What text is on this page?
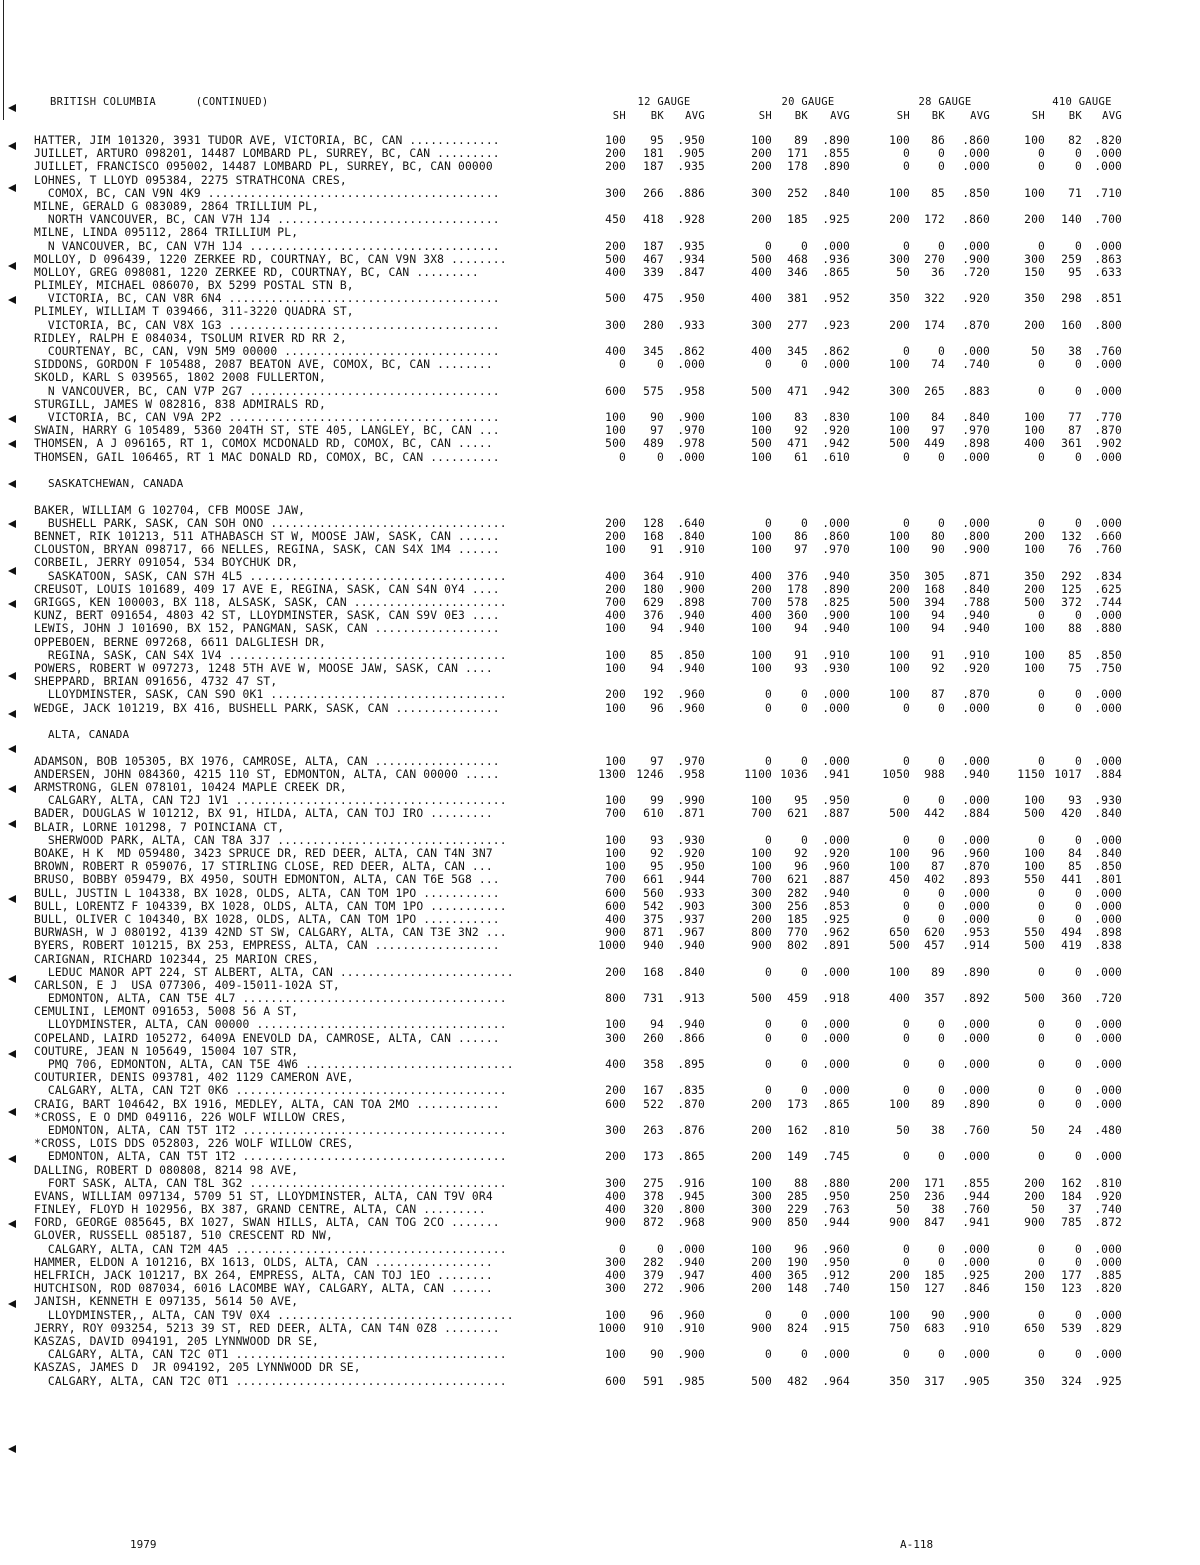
BRITISH COLUMBIA	(CONTINUED)	12 GAUGE	20 GAUGE	28 GAUGE	410 GAUGE
SH	BK	AVG	SH	BK	AVG	SH	BK	AVG	SH	BK	AVG
HATTER, JIM 101320, 3931 TUDOR AVE, VICTORIA, BC, CAN .............	100	95	.950	100	89	.890	100	86	.860	100	82	.820
JUILLET, ARTURO 098201, 14487 LOMBARD PL, SURREY, BC, CAN .........	200	181	.905	200	171	.855	0	0	.000	0	0	.000
JUILLET, FRANCISCO 095002, 14487 LOMBARD PL, SURREY, BC, CAN 00000	200	187	.935	200	178	.890	0	0	.000	0	0	.000
LOHNES, T LLOYD 095384, 2275 STRATHCONA CRES,
COMOX, BC, CAN V9N 4K9 ..........................................	300	266	.886	300	252	.840	100	85	.850	100	71	.710
MILNE, GERALD G 083089, 2864 TRILLIUM PL,
NORTH VANCOUVER, BC, CAN V7H 1J4 ................................	450	418	.928	200	185	.925	200	172	.860	200	140	.700
MILNE, LINDA 095112, 2864 TRILLIUM PL,
N VANCOUVER, BC, CAN V7H 1J4 ....................................	200	187	.935	0	0	.000	0	0	.000	0	0	.000
MOLLOY, D 096439, 1220 ZERKEE RD, COURTNAY, BC, CAN V9N 3X8 ........	500	467	.934	500	468	.936	300	270	.900	300	259	.863
MOLLOY, GREG 098081, 1220 ZERKEE RD, COURTNAY, BC, CAN .........	400	339	.847	400	346	.865	50	36	.720	150	95	.633
PLIMLEY, MICHAEL 086070, BX 5299 POSTAL STN B,
VICTORIA, BC, CAN V8R 6N4 .......................................	500	475	.950	400	381	.952	350	322	.920	350	298	.851
PLIMLEY, WILLIAM T 039466, 311-3220 QUADRA ST,
VICTORIA, BC, CAN V8X 1G3 .......................................	300	280	.933	300	277	.923	200	174	.870	200	160	.800
RIDLEY, RALPH E 084034, TSOLUM RIVER RD RR 2,
COURTENAY, BC, CAN, V9N 5M9 00000 ...............................	400	345	.862	400	345	.862	0	0	.000	50	38	.760
SIDDONS, GORDON F 105488, 2087 BEATON AVE, COMOX, BC, CAN ........	0	0	.000	0	0	.000	100	74	.740	0	0	.000
SKOLD, KARL S 039565, 1802 2008 FULLERTON,
N VANCOUVER, BC, CAN V7P 2G7 ....................................	600	575	.958	500	471	.942	300	265	.883	0	0	.000
STURGILL, JAMES W 082816, 838 ADMIRALS RD,
VICTORIA, BC, CAN V9A 2P2 .......................................	100	90	.900	100	83	.830	100	84	.840	100	77	.770
SWAIN, HARRY G 105489, 5360 204TH ST, STE 405, LANGLEY, BC, CAN ...	100	97	.970	100	92	.920	100	97	.970	100	87	.870
THOMSEN, A J 096165, RT 1, COMOX MCDONALD RD, COMOX, BC, CAN .....	500	489	.978	500	471	.942	500	449	.898	400	361	.902
THOMSEN, GAIL 106465, RT 1 MAC DONALD RD, COMOX, BC, CAN ..........	0	0	.000	100	61	.610	0	0	.000	0	0	.000
SASKATCHEWAN, CANADA
BAKER, WILLIAM G 102704, CFB MOOSE JAW,
BUSHELL PARK, SASK, CAN SOH ONO ..................................	200	128	.640	0	0	.000	0	0	.000	0	0	.000
BENNET, RIK 101213, 511 ATHABASCH ST W, MOOSE JAW, SASK, CAN ......	200	168	.840	100	86	.860	100	80	.800	200	132	.660
CLOUSTON, BRYAN 098717, 66 NELLES, REGINA, SASK, CAN S4X 1M4 ......	100	91	.910	100	97	.970	100	90	.900	100	76	.760
CORBEIL, JERRY 091054, 534 BOYCHUK DR,
SASKATOON, SASK, CAN S7H 4L5 .....................................	400	364	.910	400	376	.940	350	305	.871	350	292	.834
CREUSOT, LOUIS 101689, 409 17 AVE E, REGINA, SASK, CAN S4N 0Y4 ....	200	180	.900	200	178	.890	200	168	.840	200	125	.625
GRIGGS, KEN 100003, BX 118, ALSASK, SASK, CAN ......................	700	629	.898	700	578	.825	500	394	.788	500	372	.744
KUNZ, BERT 091654, 4803 42 ST, LLOYDMINSTER, SASK, CAN S9V 0E3 ....	400	376	.940	400	360	.900	100	94	.940	0	0	.000
LEWIS, JOHN J 101690, BX 152, PANGMAN, SASK, CAN ..................	100	94	.940	100	94	.940	100	94	.940	100	88	.880
OPPEBOEN, BERNE 097268, 6611 DALGLIESH DR,
REGINA, SASK, CAN S4X 1V4 ........................................	100	85	.850	100	91	.910	100	91	.910	100	85	.850
POWERS, ROBERT W 097273, 1248 5TH AVE W, MOOSE JAW, SASK, CAN ....	100	94	.940	100	93	.930	100	92	.920	100	75	.750
SHEPPARD, BRIAN 091656, 4732 47 ST,
LLOYDMINSTER, SASK, CAN S9O 0K1 ..................................	200	192	.960	0	0	.000	100	87	.870	0	0	.000
WEDGE, JACK 101219, BX 416, BUSHELL PARK, SASK, CAN ...............	100	96	.960	0	0	.000	0	0	.000	0	0	.000
ALTA, CANADA
ADAMSON, BOB 105305, BX 1976, CAMROSE, ALTA, CAN ..................	100	97	.970	0	0	.000	0	0	.000	0	0	.000
ANDERSEN, JOHN 084360, 4215 110 ST, EDMONTON, ALTA, CAN 00000 .....	1300 1246	.958	1100 1036	.941	1050	988	.940	1150 1017	.884
ARMSTRONG, GLEN 078101, 10424 MAPLE CREEK DR,
CALGARY, ALTA, CAN T2J 1V1 .......................................	100	99	.990	100	95	.950	0	0	.000	100	93	.930
BADER, DOUGLAS W 101212, BX 91, HILDA, ALTA, CAN TOJ IRO .........	700	610	.871	700	621	.887	500	442	.884	500	420	.840
BLAIR, LORNE 101298, 7 POINCIANA CT,
SHERWOOD PARK, ALTA, CAN T8A 3J7 .................................	100	93	.930	0	0	.000	0	0	.000	0	0	.000
BOAKE, H K  MD 059480, 3423 SPRUCE DR, RED DEER, ALTA, CAN T4N 3N7	100	92	.920	100	92	.920	100	96	.960	100	84	.840
BROWN, ROBERT R 059076, 17 STIRLING CLOSE, RED DEER, ALTA, CAN ...	100	95	.950	100	96	.960	100	87	.870	100	85	.850
BRUSO, BOBBY 059479, BX 4950, SOUTH EDMONTON, ALTA, CAN T6E 5G8 ...	700	661	.944	700	621	.887	450	402	.893	550	441	.801
BULL, JUSTIN L 104338, BX 1028, OLDS, ALTA, CAN TOM 1PO ...........	600	560	.933	300	282	.940	0	0	.000	0	0	.000
BULL, LORENTZ F 104339, BX 1028, OLDS, ALTA, CAN TOM 1PO ...........	600	542	.903	300	256	.853	0	0	.000	0	0	.000
BULL, OLIVER C 104340, BX 1028, OLDS, ALTA, CAN TOM 1PO ...........	400	375	.937	200	185	.925	0	0	.000	0	0	.000
BURWASH, W J 080192, 4139 42ND ST SW, CALGARY, ALTA, CAN T3E 3N2 ...	900	871	.967	800	770	.962	650	620	.953	550	494	.898
BYERS, ROBERT 101215, BX 253, EMPRESS, ALTA, CAN ..................	1000	940	.940	900	802	.891	500	457	.914	500	419	.838
CARIGNAN, RICHARD 102344, 25 MARION CRES,
LEDUC MANOR APT 224, ST ALBERT, ALTA, CAN .........................	200	168	.840	0	0	.000	100	89	.890	0	0	.000
CARLSON, E J  USA 077306, 409-15011-102A ST,
EDMONTON, ALTA, CAN T5E 4L7 ......................................	800	731	.913	500	459	.918	400	357	.892	500	360	.720
CEMULINI, LEMONT 091653, 5008 56 A ST,
LLOYDMINSTER, ALTA, CAN 00000 ....................................	100	94	.940	0	0	.000	0	0	.000	0	0	.000
COPELAND, LAIRD 105272, 6409A ENEVOLD DA, CAMROSE, ALTA, CAN ......	300	260	.866	0	0	.000	0	0	.000	0	0	.000
COUTURE, JEAN N 105649, 15004 107 STR,
PMQ 706, EDMONTON, ALTA, CAN T5E 4W6 ..............................	400	358	.895	0	0	.000	0	0	.000	0	0	.000
COUTURIER, DENIS 093781, 402 1129 CAMERON AVE,
CALGARY, ALTA, CAN T2T 0K6 .......................................	200	167	.835	0	0	.000	0	0	.000	0	0	.000
CRAIG, BART 104642, BX 1916, MEDLEY, ALTA, CAN TOA 2MO ............	600	522	.870	200	173	.865	100	89	.890	0	0	.000
*CROSS, E O DMD 049116, 226 WOLF WILLOW CRES,
EDMONTON, ALTA, CAN T5T 1T2 ......................................	300	263	.876	200	162	.810	50	38	.760	50	24	.480
*CROSS, LOIS DDS 052803, 226 WOLF WILLOW CRES,
EDMONTON, ALTA, CAN T5T 1T2 ......................................	200	173	.865	200	149	.745	0	0	.000	0	0	.000
DALLING, ROBERT D 080808, 8214 98 AVE,
FORT SASK, ALTA, CAN T8L 3G2 .....................................	300	275	.916	100	88	.880	200	171	.855	200	162	.810
EVANS, WILLIAM 097134, 5709 51 ST, LLOYDMINSTER, ALTA, CAN T9V 0R4	400	378	.945	300	285	.950	250	236	.944	200	184	.920
FINLEY, FLOYD H 102956, BX 387, GRAND CENTRE, ALTA, CAN .........	400	320	.800	300	229	.763	50	38	.760	50	37	.740
FORD, GEORGE 085645, BX 1027, SWAN HILLS, ALTA, CAN TOG 2CO .......	900	872	.968	900	850	.944	900	847	.941	900	785	.872
GLOVER, RUSSELL 085187, 510 CRESCENT RD NW,
CALGARY, ALTA, CAN T2M 4A5 .......................................	0	0	.000	100	96	.960	0	0	.000	0	0	.000
HAMMER, ELDON A 101216, BX 1613, OLDS, ALTA, CAN .................	300	282	.940	200	190	.950	0	0	.000	0	0	.000
HELFRICH, JACK 101217, BX 264, EMPRESS, ALTA, CAN TOJ 1EO ........	400	379	.947	400	365	.912	200	185	.925	200	177	.885
HUTCHISON, ROD 087034, 6016 LACOMBE WAY, CALGARY, ALTA, CAN ......	300	272	.906	200	148	.740	150	127	.846	150	123	.820
JANISH, KENNETH E 097135, 5614 50 AVE,
LLOYDMINSTER,, ALTA, CAN T9V 0X4 ..................................	100	96	.960	0	0	.000	100	90	.900	0	0	.000
JERRY, ROY 093254, 5213 39 ST, RED DEER, ALTA, CAN T4N 0Z8 ........	1000	910	.910	900	824	.915	750	683	.910	650	539	.829
KASZAS, DAVID 094191, 205 LYNNWOOD DR SE,
CALGARY, ALTA, CAN T2C 0T1 .......................................	100	90	.900	0	0	.000	0	0	.000	0	0	.000
KASZAS, JAMES D  JR 094192, 205 LYNNWOOD DR SE,
CALGARY, ALTA, CAN T2C 0T1 .......................................	600	591	.985	500	482	.964	350	317	.905	350	324	.925
1979	A-118
